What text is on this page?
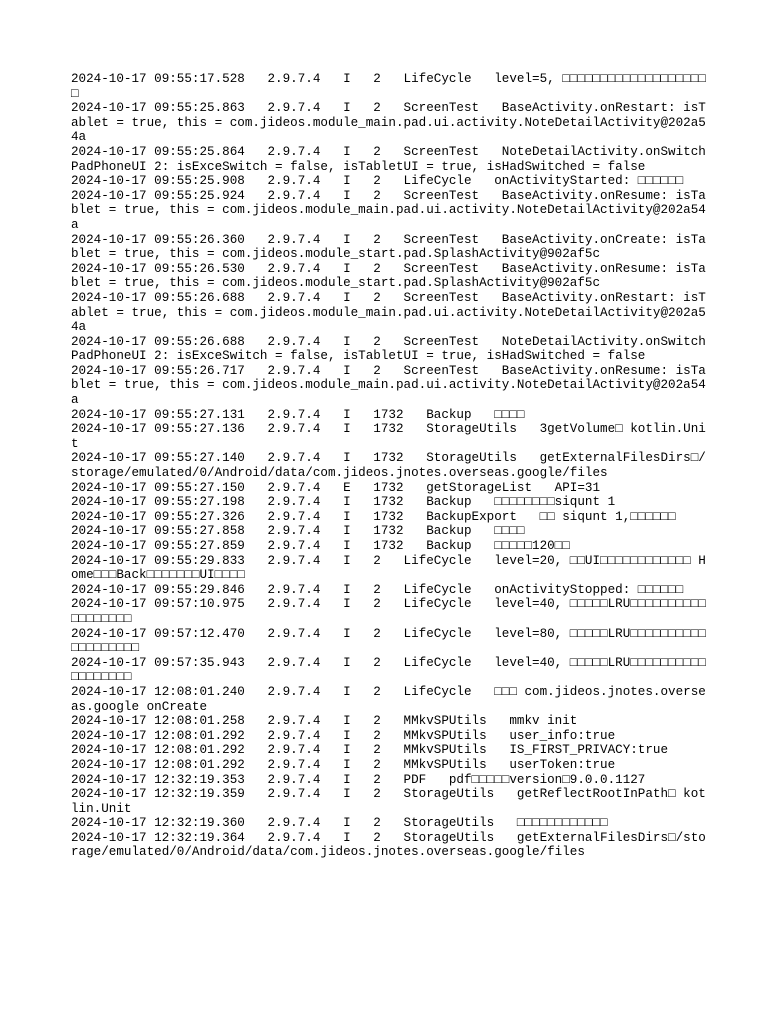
2024-10-17 09:55:17.528   2.9.7.4   I   2   LifeCycle   level=5, □□□□□□□□□□□□□□□□□□□□

2024-10-17 09:55:25.863   2.9.7.4   I   2   ScreenTest   BaseActivity.onRestart: isTablet = true, this = com.jideos.module_main.pad.ui.activity.NoteDetailActivity@202a54a

2024-10-17 09:55:25.864   2.9.7.4   I   2   ScreenTest   NoteDetailActivity.onSwitchPadPhoneUI 2: isExceSwitch = false, isTabletUI = true, isHadSwitched = false

2024-10-17 09:55:25.908   2.9.7.4   I   2   LifeCycle   onActivityStarted: □□□□□□

2024-10-17 09:55:25.924   2.9.7.4   I   2   ScreenTest   BaseActivity.onResume: isTablet = true, this = com.jideos.module_main.pad.ui.activity.NoteDetailActivity@202a54a

2024-10-17 09:55:26.360   2.9.7.4   I   2   ScreenTest   BaseActivity.onCreate: isTablet = true, this = com.jideos.module_start.pad.SplashActivity@902af5c

2024-10-17 09:55:26.530   2.9.7.4   I   2   ScreenTest   BaseActivity.onResume: isTablet = true, this = com.jideos.module_start.pad.SplashActivity@902af5c

2024-10-17 09:55:26.688   2.9.7.4   I   2   ScreenTest   BaseActivity.onRestart: isTablet = true, this = com.jideos.module_main.pad.ui.activity.NoteDetailActivity@202a54a

2024-10-17 09:55:26.688   2.9.7.4   I   2   ScreenTest   NoteDetailActivity.onSwitchPadPhoneUI 2: isExceSwitch = false, isTabletUI = true, isHadSwitched = false

2024-10-17 09:55:26.717   2.9.7.4   I   2   ScreenTest   BaseActivity.onResume: isTablet = true, this = com.jideos.module_main.pad.ui.activity.NoteDetailActivity@202a54a

2024-10-17 09:55:27.131   2.9.7.4   I   1732   Backup   □□□□

2024-10-17 09:55:27.136   2.9.7.4   I   1732   StorageUtils   3getVolume□ kotlin.Unit

2024-10-17 09:55:27.140   2.9.7.4   I   1732   StorageUtils   getExternalFilesDirs□/storage/emulated/0/Android/data/com.jideos.jnotes.overseas.google/files

2024-10-17 09:55:27.150   2.9.7.4   E   1732   getStorageList   API=31

2024-10-17 09:55:27.198   2.9.7.4   I   1732   Backup   □□□□□□□□siqunt 1

2024-10-17 09:55:27.326   2.9.7.4   I   1732   BackupExport   □□ siqunt 1,□□□□□□

2024-10-17 09:55:27.858   2.9.7.4   I   1732   Backup   □□□□

2024-10-17 09:55:27.859   2.9.7.4   I   1732   Backup   □□□□□120□□

2024-10-17 09:55:29.833   2.9.7.4   I   2   LifeCycle   level=20, □□UI□□□□□□□□□□□□ Home□□□Back□□□□□□□UI□□□□

2024-10-17 09:55:29.846   2.9.7.4   I   2   LifeCycle   onActivityStopped: □□□□□□

2024-10-17 09:57:10.975   2.9.7.4   I   2   LifeCycle   level=40, □□□□□LRU□□□□□□□□□□□□□□□□□□

2024-10-17 09:57:12.470   2.9.7.4   I   2   LifeCycle   level=80, □□□□□LRU□□□□□□□□□□□□□□□□□□□

2024-10-17 09:57:35.943   2.9.7.4   I   2   LifeCycle   level=40, □□□□□LRU□□□□□□□□□□□□□□□□□□

2024-10-17 12:08:01.240   2.9.7.4   I   2   LifeCycle   □□□ com.jideos.jnotes.overseas.google onCreate

2024-10-17 12:08:01.258   2.9.7.4   I   2   MMkvSPUtils   mmkv init

2024-10-17 12:08:01.292   2.9.7.4   I   2   MMkvSPUtils   user_info:true

2024-10-17 12:08:01.292   2.9.7.4   I   2   MMkvSPUtils   IS_FIRST_PRIVACY:true

2024-10-17 12:08:01.292   2.9.7.4   I   2   MMkvSPUtils   userToken:true

2024-10-17 12:32:19.353   2.9.7.4   I   2   PDF   pdf□□□□□version□9.0.0.1127

2024-10-17 12:32:19.359   2.9.7.4   I   2   StorageUtils   getReflectRootInPath□ kotlin.Unit

2024-10-17 12:32:19.360   2.9.7.4   I   2   StorageUtils   □□□□□□□□□□□□

2024-10-17 12:32:19.364   2.9.7.4   I   2   StorageUtils   getExternalFilesDirs□/storage/emulated/0/Android/data/com.jideos.jnotes.overseas.google/files
